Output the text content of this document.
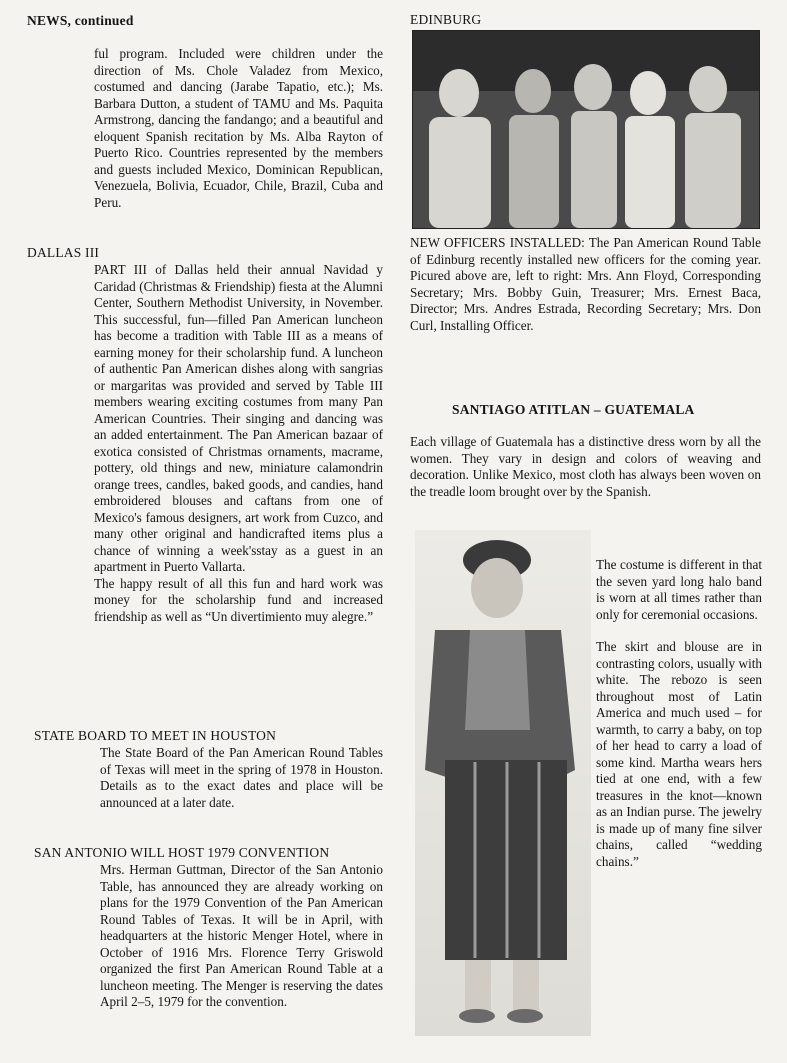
NEWS, continued
ful program. Included were children under the direction of Ms. Chole Valadez from Mexico, costumed and dancing (Jarabe Tapatio, etc.); Ms. Barbara Dutton, a student of TAMU and Ms. Paquita Armstrong, dancing the fandango; and a beautiful and eloquent Spanish recitation by Ms. Alba Rayton of Puerto Rico. Countries represented by the members and guests included Mexico, Dominican Republican, Venezuela, Bolivia, Ecuador, Chile, Brazil, Cuba and Peru.
DALLAS III

PART III of Dallas held their annual Navidad y Caridad (Christmas & Friendship) fiesta at the Alumni Center, Southern Methodist University, in November. This successful, fun—filled Pan American luncheon has become a tradition with Table III as a means of earning money for their scholarship fund. A luncheon of authentic Pan American dishes along with sangrias or margaritas was provided and served by Table III members wearing exciting costumes from many Pan American Countries. Their singing and dancing was an added entertainment. The Pan American bazaar of exotica consisted of Christmas ornaments, macrame, pottery, old things and new, miniature calamondrin orange trees, candles, baked goods, and candies, hand embroidered blouses and caftans from one of Mexico's famous designers, art work from Cuzco, and many other original and handicrafted items plus a chance of winning a week'sstay as a guest in an apartment in Puerto Vallarta.

The happy result of all this fun and hard work was money for the scholarship fund and increased friendship as well as “Un divertimiento muy alegre.”

STATE BOARD TO MEET IN HOUSTON
The State Board of the Pan American Round Tables of Texas will meet in the spring of 1978 in Houston. Details as to the exact dates and place will be announced at a later date.
SAN ANTONIO WILL HOST 1979 CONVENTION
Mrs. Herman Guttman, Director of the San Antonio Table, has announced they are already working on plans for the 1979 Convention of the Pan American Round Tables of Texas. It will be in April, with headquarters at the historic Menger Hotel, where in October of 1916 Mrs. Florence Terry Griswold organized the first Pan American Round Table at a luncheon meeting. The Menger is reserving the dates April 2–5, 1979 for the convention.
EDINBURG
NEW OFFICERS INSTALLED: The Pan American Round Table of Edinburg recently installed new officers for the coming year. Picured above are, left to right: Mrs. Ann Floyd, Corresponding Secretary; Mrs. Bobby Guin, Treasurer; Mrs. Ernest Baca, Director; Mrs. Andres Estrada, Recording Secretary; Mrs. Don Curl, Installing Officer.
SANTIAGO ATITLAN – GUATEMALA
Each village of Guatemala has a distinctive dress worn by all the women. They vary in design and colors of weaving and decoration. Unlike Mexico, most cloth has always been woven on the treadle loom brought over by the Spanish.

The costume is different in that the seven yard long halo band is worn at all times rather than only for ceremonial occasions.

The skirt and blouse are in contrasting colors, usually with white. The rebozo is seen throughout most of Latin America and much used – for warmth, to carry a baby, on top of her head to carry a load of some kind. Martha wears hers tied at one end, with a few treasures in the knot—known as an Indian purse. The jewelry is made up of many fine silver chains, called “wedding chains.”
